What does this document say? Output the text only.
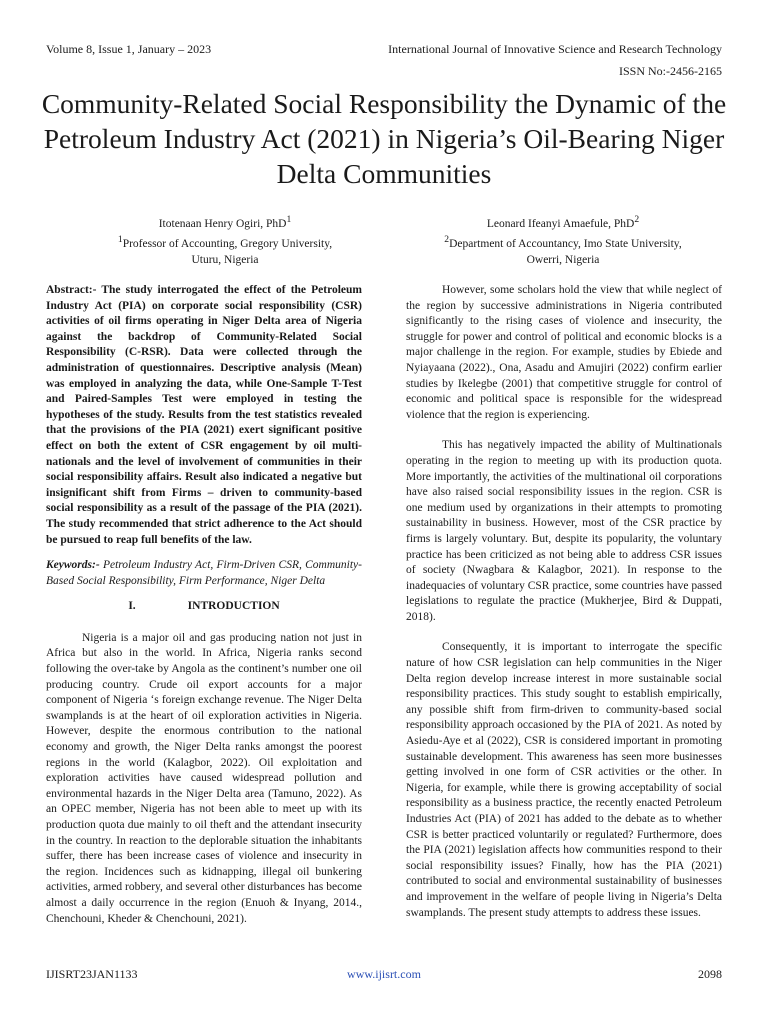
Volume 8, Issue 1, January – 2023	International Journal of Innovative Science and Research Technology
ISSN No:-2456-2165
Community-Related Social Responsibility the Dynamic of the Petroleum Industry Act (2021) in Nigeria’s Oil-Bearing Niger Delta Communities
Itotenaan Henry Ogiri, PhD$^1$
$^1$Professor of Accounting, Gregory University,
Uturu, Nigeria
Leonard Ifeanyi Amaefule, PhD$^2$
$^2$Department of Accountancy, Imo State University,
Owerri, Nigeria

Abstract:- The study interrogated the effect of the Petroleum Industry Act (PIA) on corporate social responsibility (CSR) activities of oil firms operating in Niger Delta area of Nigeria against the backdrop of Community-Related Social Responsibility (C-RSR). Data were collected through the administration of questionnaires. Descriptive analysis (Mean) was employed in analyzing the data, while One-Sample T-Test and Paired-Samples Test were employed in testing the hypotheses of the study. Results from the test statistics revealed that the provisions of the PIA (2021) exert significant positive effect on both the extent of CSR engagement by oil multi-nationals and the level of involvement of communities in their social responsibility affairs. Result also indicated a negative but insignificant shift from Firms – driven to community-based social responsibility as a result of the passage of the PIA (2021). The study recommended that strict adherence to the Act should be pursued to reap full benefits of the law.

Keywords:- Petroleum Industry Act, Firm-Driven CSR, Community-Based Social Responsibility, Firm Performance, Niger Delta

I.	INTRODUCTION

Nigeria is a major oil and gas producing nation not just in Africa but also in the world. In Africa, Nigeria ranks second following the over-take by Angola as the continent’s number one oil producing country. Crude oil export accounts for a major component of Nigeria ‘s foreign exchange revenue. The Niger Delta swamplands is at the heart of oil exploration activities in Nigeria. However, despite the enormous contribution to the national economy and growth, the Niger Delta ranks amongst the poorest regions in the world (Kalagbor, 2022). Oil exploitation and exploration activities have caused widespread pollution and environmental hazards in the Niger Delta area (Tamuno, 2022). As an OPEC member, Nigeria has not been able to meet up with its production quota due mainly to oil theft and the attendant insecurity in the country. In reaction to the deplorable situation the inhabitants suffer, there has been increase cases of violence and insecurity in the region. Incidences such as kidnapping, illegal oil bunkering activities, armed robbery, and several other disturbances has become almost a daily occurrence in the region (Enuoh & Inyang, 2014., Chenchouni, Kheder & Chenchouni, 2021).

However, some scholars hold the view that while neglect of the region by successive administrations in Nigeria contributed significantly to the rising cases of violence and insecurity, the struggle for power and control of political and economic blocks is a major challenge in the region. For example, studies by Ebiede and Nyiayaana (2022)., Ona, Asadu and Amujiri (2022) confirm earlier studies by Ikelegbe (2001) that competitive struggle for control of economic and political space is responsible for the widespread violence that the region is experiencing.

This has negatively impacted the ability of Multinationals operating in the region to meeting up with its production quota. More importantly, the activities of the multinational oil corporations have also raised social responsibility issues in the region. CSR is one medium used by organizations in their attempts to promoting sustainability in business. However, most of the CSR practice by firms is largely voluntary. But, despite its popularity, the voluntary practice has been criticized as not being able to address CSR issues of society (Nwagbara & Kalagbor, 2021). In response to the inadequacies of voluntary CSR practice, some countries have passed legislations to regulate the practice (Mukherjee, Bird & Duppati, 2018).

Consequently, it is important to interrogate the specific nature of how CSR legislation can help communities in the Niger Delta region develop increase interest in more sustainable social responsibility practices. This study sought to establish empirically, any possible shift from firm-driven to community-based social responsibility approach occasioned by the PIA of 2021. As noted by Asiedu-Aye et al (2022), CSR is considered important in promoting sustainable development. This awareness has seen more businesses getting involved in one form of CSR activities or the other. In Nigeria, for example, while there is growing acceptability of social responsibility as a business practice, the recently enacted Petroleum Industries Act (PIA) of 2021 has added to the debate as to whether CSR is better practiced voluntarily or regulated? Furthermore, does the PIA (2021) legislation affects how communities respond to their social responsibility issues? Finally, how has the PIA (2021) contributed to social and environmental sustainability of businesses and improvement in the welfare of people living in Nigeria’s Delta swamplands. The present study attempts to address these issues.

IJISRT23JAN1133	www.ijisrt.com	2098
